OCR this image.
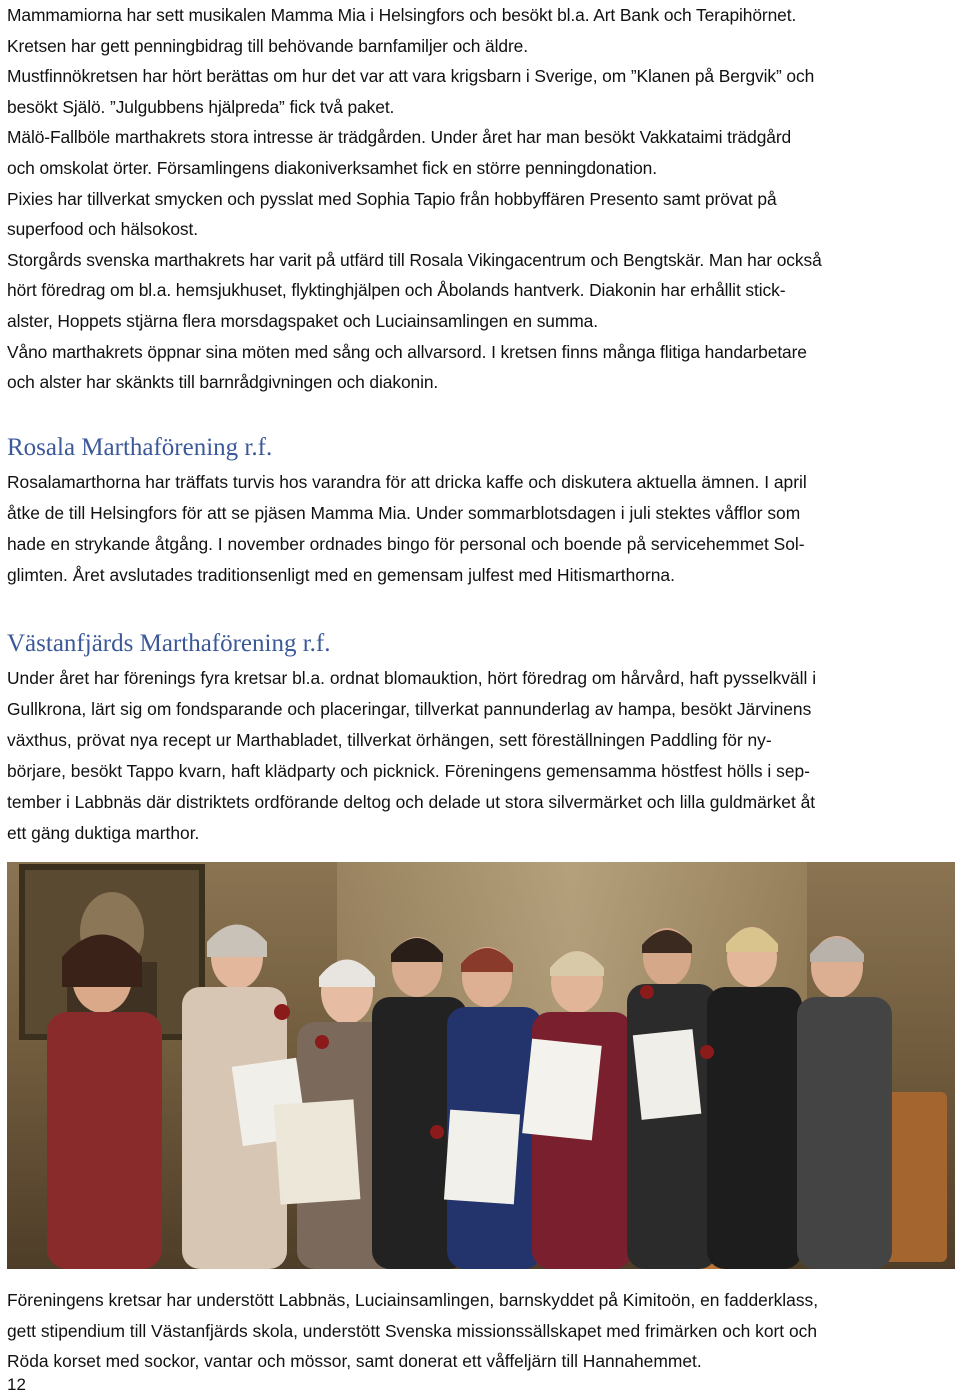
Mammamiorna har sett musikalen Mamma Mia i Helsingfors och besökt bl.a. Art Bank och Terapihörnet.
Kretsen har gett penningbidrag till behövande barnfamiljer och äldre.
Mustfinnökretsen har hört berättas om hur det var att vara krigsbarn i Sverige, om ”Klanen på Bergvik” och
besökt Själö. ”Julgubbens hjälpreda” fick två paket.
Mälö-Fallböle marthakrets stora intresse är trädgården. Under året har man besökt Vakkataimi trädgård
och omskolat örter. Församlingens diakoniverksamhet fick en större penningdonation.
Pixies har tillverkat smycken och pysslat med Sophia Tapio från hobbyffären Presento samt prövat på
superfood och hälsokost.
Storgårds svenska marthakrets har varit på utfärd till Rosala Vikingacentrum och Bengtskär. Man har också
hört föredrag om bl.a. hemsjukhuset, flyktinghjälpen och Åbolands hantverk. Diakonin har erhållit stick-
alster, Hoppets stjärna flera morsdagspaket och Luciainsamlingen en summa.
Våno marthakrets öppnar sina möten med sång och allvarsord. I kretsen finns många flitiga handarbetare
och alster har skänkts till barnrådgivningen och diakonin.
Rosala Marthaförening r.f.
Rosalamarthorna har träffats turvis hos varandra för att dricka kaffe och diskutera aktuella ämnen. I april
åtke de till Helsingfors för att se pjäsen Mamma Mia. Under sommarblotsdagen i juli stektes våfflor som
hade en strykande åtgång. I november ordnades bingo för personal och boende på servicehemmet Sol-
glimten. Året avslutades traditionsenligt med en gemensam julfest med Hitismarthorna.
Västanfjärds Marthaförening r.f.
Under året har förenings fyra kretsar bl.a. ordnat blomauktion, hört föredrag om hårvård, haft pysselkväll i
Gullkrona, lärt sig om fondsparande och placeringar, tillverkat pannunderlag av hampa, besökt Järvinens
växthus, prövat nya recept ur Marthabladet, tillverkat örhängen, sett föreställningen Paddling för ny-
börjare, besökt Tappo kvarn, haft klädparty och picknick. Föreningens gemensamma höstfest hölls i sep-
tember i Labbnäs där distriktets ordförande deltog och delade ut stora silvermärket och lilla guldmärket åt
ett gäng duktiga marthor.
Föreningens kretsar har understött Labbnäs, Luciainsamlingen, barnskyddet på Kimitoön, en fadderklass,
gett stipendium till Västanfjärds skola, understött Svenska missionssällskapet med frimärken och kort och
Röda korset med sockor, vantar och mössor, samt donerat ett våffeljärn till Hannahemmet.
12
